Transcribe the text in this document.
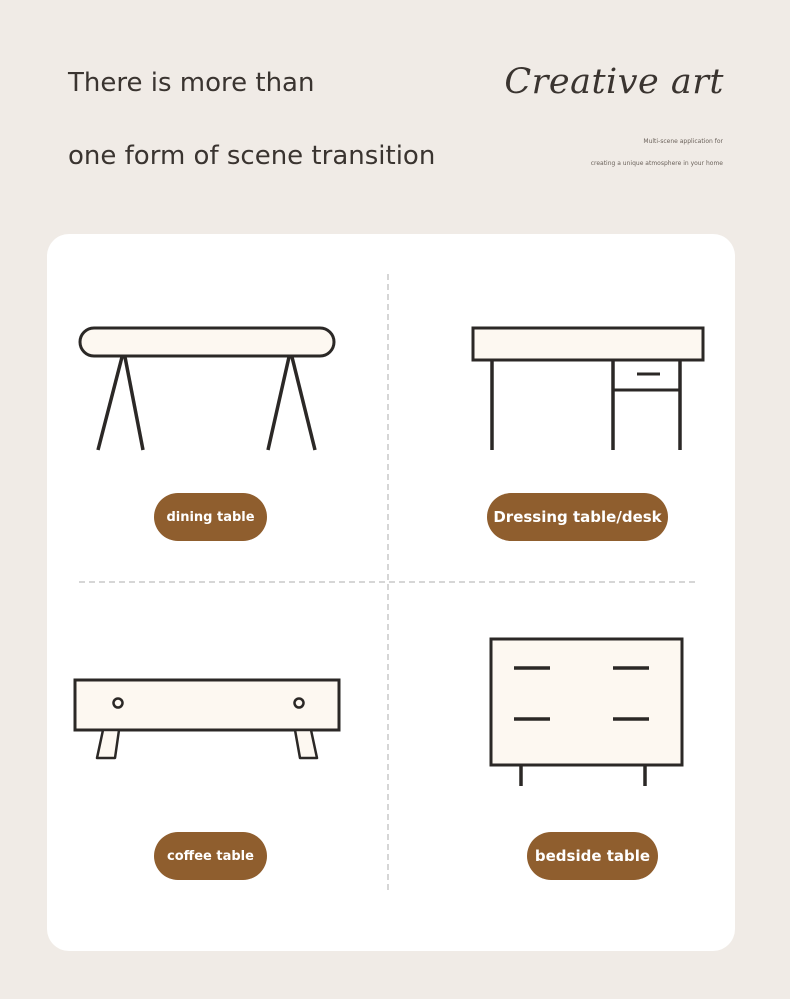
There is more than
one form of scene transition
Creative art
Multi-scene application for
creating a unique atmosphere in your home
dining table	Dressing table/desk
coffee table	bedside table
